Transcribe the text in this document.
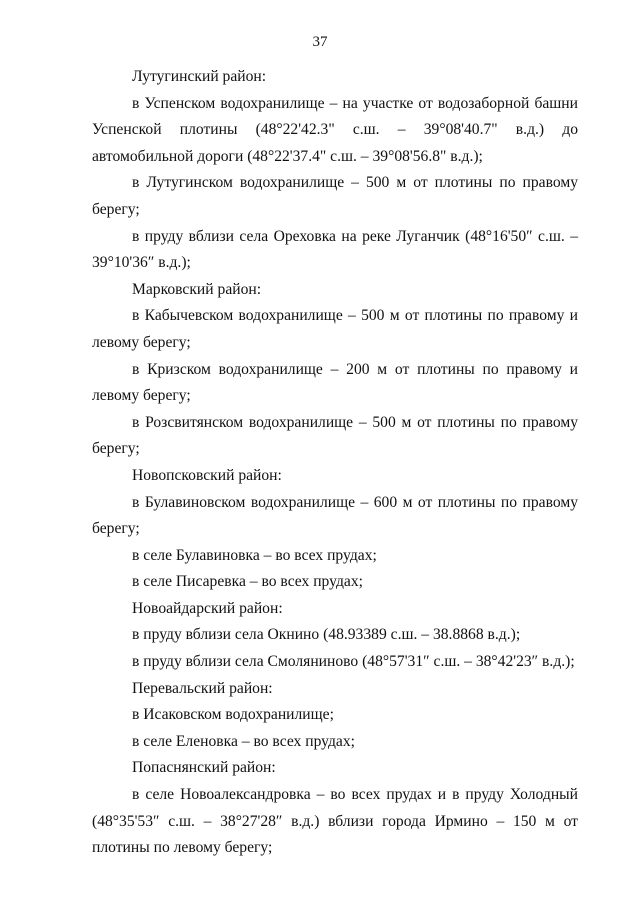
37

Лутугинский район:

в Успенском водохранилище – на участке от водозаборной башни Успенской плотины (48°22'42.3" с.ш. – 39°08'40.7" в.д.) до автомобильной дороги (48°22'37.4" с.ш. – 39°08'56.8" в.д.);

в Лутугинском водохранилище – 500 м от плотины по правому берегу;

в пруду вблизи села Ореховка на реке Луганчик (48°16'50″ с.ш. – 39°10'36″ в.д.);

Марковский район:

в Кабычевском водохранилище – 500 м от плотины по правому и левому берегу;

в Кризском водохранилище – 200 м от плотины по правому и левому берегу;

в Розсвитянском водохранилище – 500 м от плотины по правому берегу;

Новопсковский район:

в Булавиновском водохранилище – 600 м от плотины по правому берегу;

в селе Булавиновка – во всех прудах;

в селе Писаревка – во всех прудах;

Новоайдарский район:

в пруду вблизи села Окнино (48.93389 с.ш. – 38.8868 в.д.);

в пруду вблизи села Смоляниново (48°57'31″ с.ш. – 38°42'23″ в.д.);

Перевальский район:

в Исаковском водохранилище;

в селе Еленовка – во всех прудах;

Попаснянский район:

в селе Новоалександровка – во всех прудах и в пруду Холодный (48°35'53″ с.ш. – 38°27'28″ в.д.) вблизи города Ирмино – 150 м от плотины по левому берегу;
